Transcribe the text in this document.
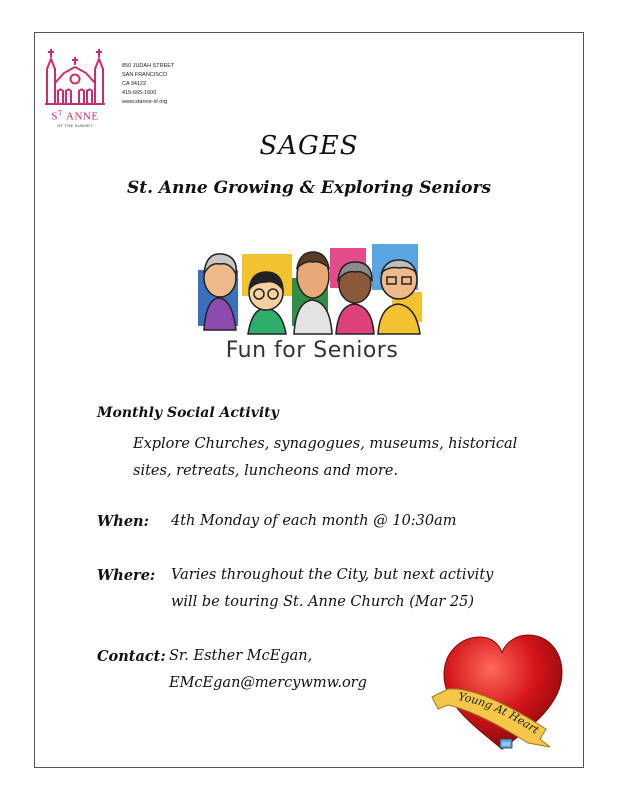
$S^T$ ANNE
OF THE SUNSET
850 JUDAH STREET
SAN FRANCISCO
CA 94122
415-665-1600
www.stanne-sf.org
SAGES
St. Anne Growing & Exploring Seniors
Fun for Seniors
Monthly Social Activity
Explore Churches, synagogues, museums, historical
sites, retreats, luncheons and more.
When: 4th Monday of each month @ 10:30am
Where: Varies throughout the City, but next activity
will be touring St. Anne Church (Mar 25)
Contact: Sr. Esther McEgan,
EMcEgan@mercywmw.org
Young At Heart
